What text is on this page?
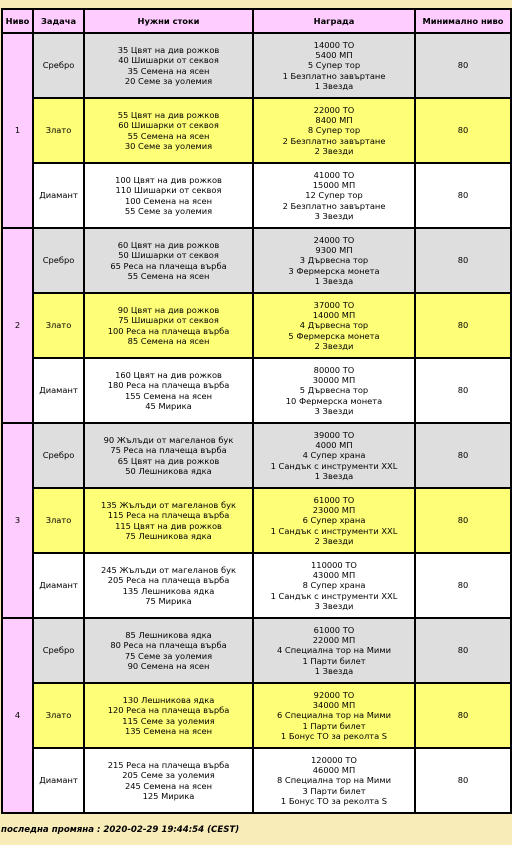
Ниво	Задача	Нужни стоки	Награда	Минимално ниво
1	Сребро	35 Цвят на див рожков
40 Шишарки от секвоя
35 Семена на ясен
20 Семе за уолемия	14000 ТО
5400 МП
5 Супер тор
1 Безплатно завъртане
1 Звезда	80
	Злато	55 Цвят на див рожков
60 Шишарки от секвоя
55 Семена на ясен
30 Семе за уолемия	22000 ТО
8400 МП
8 Супер тор
2 Безплатно завъртане
2 Звезди	80
	Диамант	100 Цвят на див рожков
110 Шишарки от секвоя
100 Семена на ясен
55 Семе за уолемия	41000 ТО
15000 МП
12 Супер тор
2 Безплатно завъртане
3 Звезди	80
2	Сребро	60 Цвят на див рожков
50 Шишарки от секвоя
65 Реса на плачеща върба
55 Семена на ясен	24000 ТО
9300 МП
3 Дървесна тор
3 Фермерска монета
1 Звезда	80
	Злато	90 Цвят на див рожков
75 Шишарки от секвоя
100 Реса на плачеща върба
85 Семена на ясен	37000 ТО
14000 МП
4 Дървесна тор
5 Фермерска монета
2 Звезди	80
	Диамант	160 Цвят на див рожков
180 Реса на плачеща върба
155 Семена на ясен
45 Мирика	80000 ТО
30000 МП
5 Дървесна тор
10 Фермерска монета
3 Звезди	80
3	Сребро	90 Жълъди от магеланов бук
75 Реса на плачеща върба
65 Цвят на див рожков
50 Лешникова ядка	39000 ТО
4000 МП
4 Супер храна
1 Сандък с инструменти XXL
1 Звезда	80
	Злато	135 Жълъди от магеланов бук
115 Реса на плачеща върба
115 Цвят на див рожков
75 Лешникова ядка	61000 ТО
23000 МП
6 Супер храна
1 Сандък с инструменти XXL
2 Звезди	80
	Диамант	245 Жълъди от магеланов бук
205 Реса на плачеща върба
135 Лешникова ядка
75 Мирика	110000 ТО
43000 МП
8 Супер храна
1 Сандък с инструменти XXL
3 Звезди	80
4	Сребро	85 Лешникова ядка
80 Реса на плачеща върба
75 Семе за уолемия
90 Семена на ясен	61000 ТО
22000 МП
4 Специална тор на Мими
1 Парти билет
1 Звезда	80
	Злато	130 Лешникова ядка
120 Реса на плачеща върба
115 Семе за уолемия
135 Семена на ясен	92000 ТО
34000 МП
6 Специална тор на Мими
1 Парти билет
1 Бонус ТО за реколта S	80
	Диамант	215 Реса на плачеща върба
205 Семе за уолемия
245 Семена на ясен
125 Мирика	120000 ТО
46000 МП
8 Специална тор на Мими
3 Парти билет
1 Бонус ТО за реколта S	80
последна промяна : 2020-02-29 19:44:54 (CEST)
